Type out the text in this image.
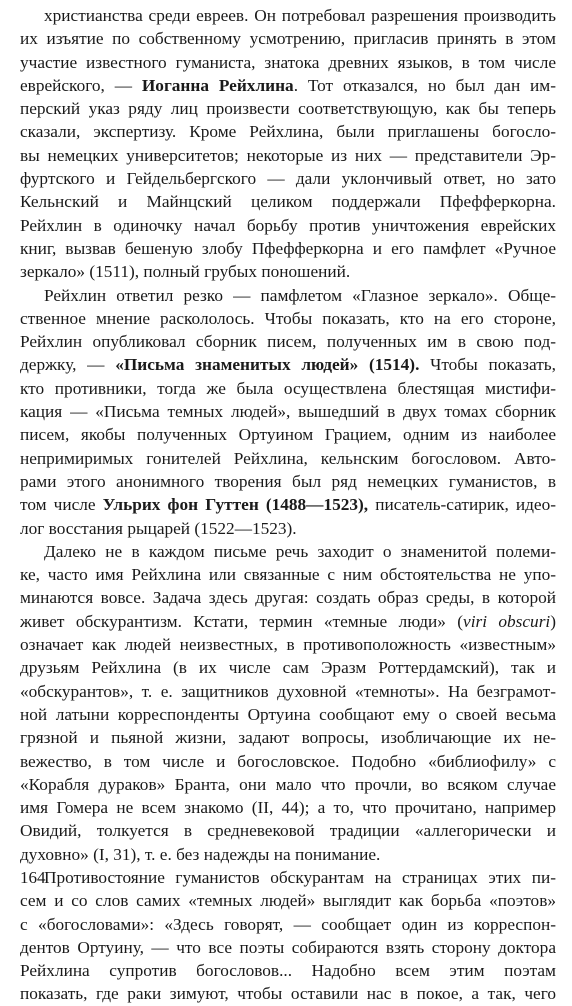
христианства среди евреев. Он потребовал разрешения производить
их изъятие по собственному усмотрению, пригласив принять в этом
участие известного гуманиста, знатока древних языков, в том числе
еврейского, — Иоганна Рейхлина. Тот отказался, но был дан им-
перский указ ряду лиц произвести соответствующую, как бы теперь
сказали, экспертизу. Кроме Рейхлина, были приглашены богосло-
вы немецких университетов; некоторые из них — представители Эр-
фуртского и Гейдельбергского — дали уклончивый ответ, но зато
Кельнский и Майнцский целиком поддержали Пфефферкорна.
Рейхлин в одиночку начал борьбу против уничтожения еврейских
книг, вызвав бешеную злобу Пфефферкорна и его памфлет «Ручное
зеркало» (1511), полный грубых поношений.
Рейхлин ответил резко — памфлетом «Глазное зеркало». Обще-
ственное мнение раскололось. Чтобы показать, кто на его стороне,
Рейхлин опубликовал сборник писем, полученных им в свою под-
держку, — «Письма знаменитых людей» (1514). Чтобы показать,
кто противники, тогда же была осуществлена блестящая мистифи-
кация — «Письма темных людей», вышедший в двух томах сборник
писем, якобы полученных Ортуином Грацием, одним из наиболее
непримиримых гонителей Рейхлина, кельнским богословом. Авто-
рами этого анонимного творения был ряд немецких гуманистов, в
том числе Ульрих фон Гуттен (1488—1523), писатель-сатирик, идео-
лог восстания рыцарей (1522—1523).
Далеко не в каждом письме речь заходит о знаменитой полеми-
ке, часто имя Рейхлина или связанные с ним обстоятельства не упо-
минаются вовсе. Задача здесь другая: создать образ среды, в которой
живет обскурантизм. Кстати, термин «темные люди» (viri obscuri)
означает как людей неизвестных, в противоположность «известным»
друзьям Рейхлина (в их числе сам Эразм Роттердамский), так и
«обскурантов», т. е. защитников духовной «темноты». На безграмот-
ной латыни корреспонденты Ортуина сообщают ему о своей весьма
грязной и пьяной жизни, задают вопросы, изобличающие их не-
вежество, в том числе и богословское. Подобно «библиофилу» с
«Корабля дураков» Бранта, они мало что прочли, во всяком случае
имя Гомера не всем знакомо (II, 44); а то, что прочитано, например
Овидий, толкуется в средневековой традиции «аллегорически и
духовно» (I, 31), т. е. без надежды на понимание.
Противостояние гуманистов обскурантам на страницах этих пи-
сем и со слов самих «темных людей» выглядит как борьба «поэтов»
с «богословами»: «Здесь говорят, — сообщает один из корреспон-
дентов Ортуину, — что все поэты собираются взять сторону доктора
Рейхлина супротив богословов... Надобно всем этим поэтам
показать, где раки зимуют, чтобы оставили нас в покое, а так, чего
164
